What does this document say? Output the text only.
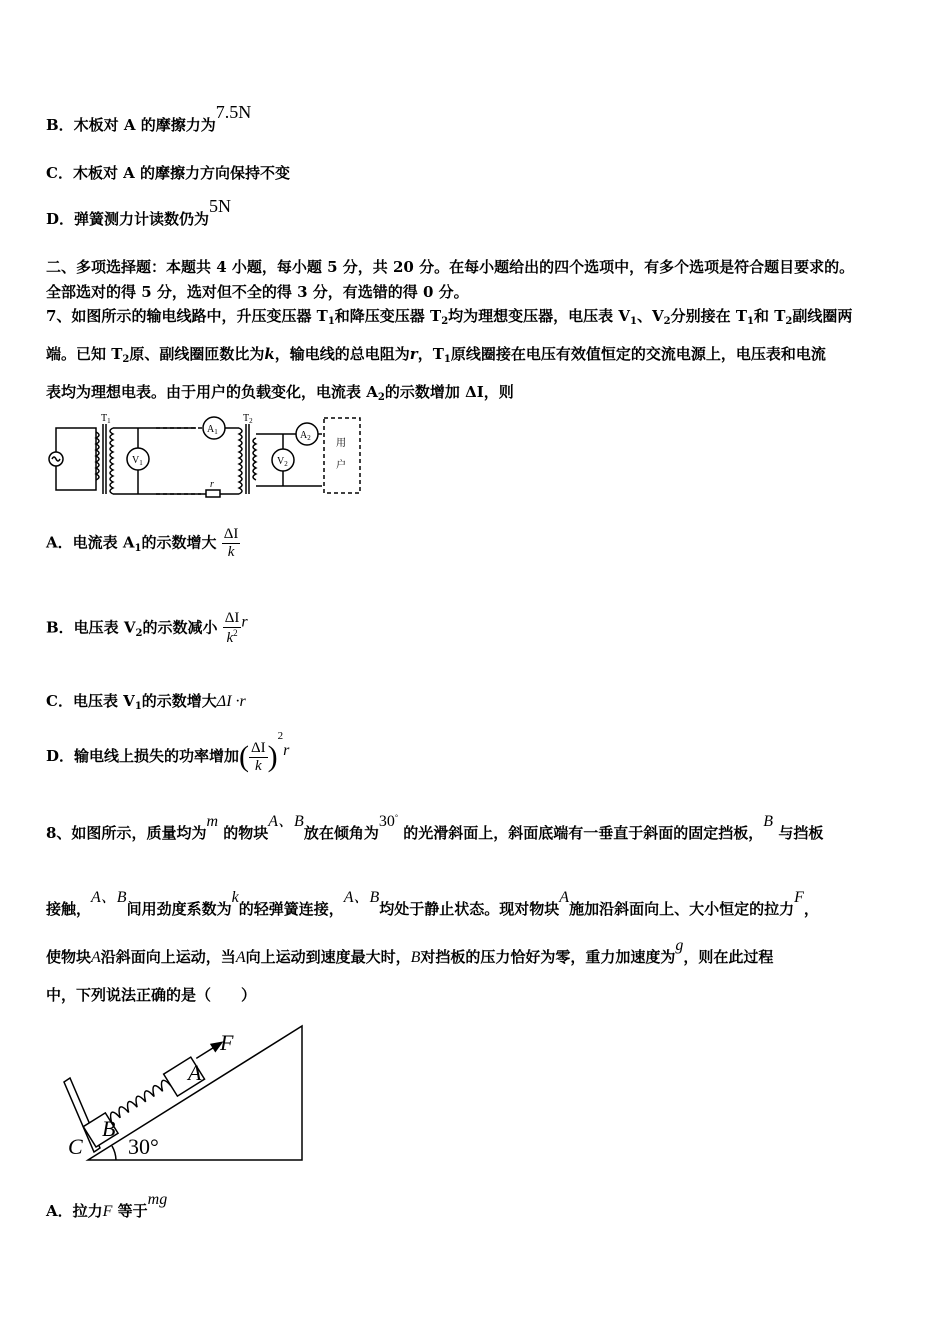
B．木板对 A 的摩擦力为7.5N
C．木板对 A 的摩擦力方向保持不变
D．弹簧测力计读数仍为5N
二、多项选择题：本题共 4 小题，每小题 5 分，共 20 分。在每小题给出的四个选项中，有多个选项是符合题目要求的。
全部选对的得 5 分，选对但不全的得 3 分，有选错的得 0 分。
7、如图所示的输电线路中，升压变压器 $T_1$和降压变压器 $T_2$均为理想变压器，电压表 $V_1$、$V_2$分别接在 $T_1$和 $T_2$副线圈两
端。已知 $T_2$原、副线圈匝数比为k，输电线的总电阻为r，$T_1$原线圈接在电压有效值恒定的交流电源上，电压表和电流
表均为理想电表。由于用户的负载变化，电流表 $A_2$的示数增加 ΔI，则
$T_1$	$T_2$
$V_1$
$A_1$
$V_2$
$A_2$
r
用
户
A．电流表 $A_1$的示数增大 $\frac{\Delta I}{k}$
B．电压表 $V_2$的示数减小 $\frac{\Delta I}{k^2}$ r
C．电压表 $V_1$的示数增大ΔI ·r
D．输电线上损失的功率增加( $\frac{\Delta I}{k} )^2r$
8、如图所示，质量均为m 的物块A、B放在倾角为30° 的光滑斜面上，斜面底端有一垂直于斜面的固定挡板，B 与挡板
接触，A、B间用劲度系数为k的轻弹簧连接，A、B均处于静止状态。现对物块A施加沿斜面向上、大小恒定的拉力F，
使物块A沿斜面向上运动，当A向上运动到速度最大时，B对挡板的压力恰好为零，重力加速度为g，则在此过程
中，下列说法正确的是（　　）
F
A
B
C 30°
A．拉力F 等于mg
